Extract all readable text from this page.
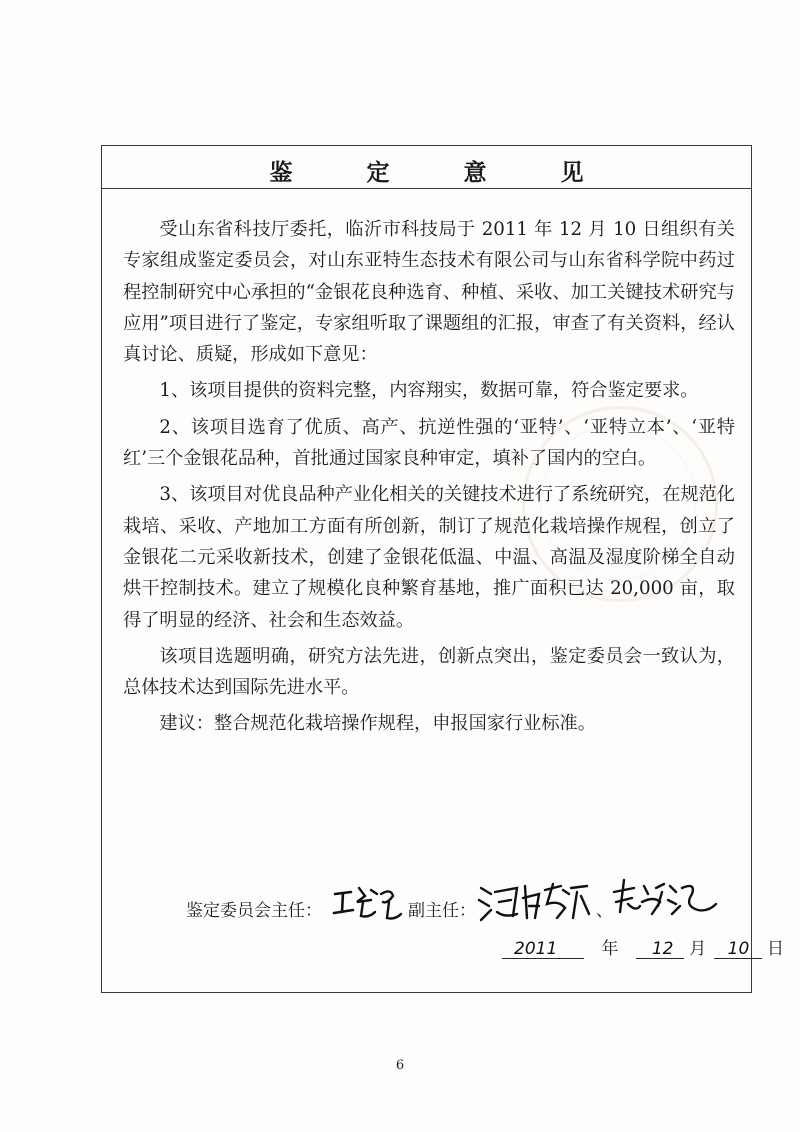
鉴 定 意 见

受山东省科技厅委托，临沂市科技局于 2011 年 12 月 10 日组织有关专家组成鉴定委员会，对山东亚特生态技术有限公司与山东省科学院中药过程控制研究中心承担的“金银花良种选育、种植、采收、加工关键技术研究与应用”项目进行了鉴定，专家组听取了课题组的汇报，审查了有关资料，经认真讨论、质疑，形成如下意见：

1、该项目提供的资料完整，内容翔实，数据可靠，符合鉴定要求。

2、该项目选育了优质、高产、抗逆性强的‘亚特’、‘亚特立本’、‘亚特红’三个金银花品种，首批通过国家良种审定，填补了国内的空白。

3、该项目对优良品种产业化相关的关键技术进行了系统研究，在规范化栽培、采收、产地加工方面有所创新，制订了规范化栽培操作规程，创立了金银花二元采收新技术，创建了金银花低温、中温、高温及湿度阶梯全自动烘干控制技术。建立了规模化良种繁育基地，推广面积已达 20,000 亩，取得了明显的经济、社会和生态效益。

该项目选题明确，研究方法先进，创新点突出，鉴定委员会一致认为，总体技术达到国际先进水平。

建议：整合规范化栽培操作规程，申报国家行业标准。

鉴定委员会主任：	副主任：	、
2011	年 12 月 10 日
6
